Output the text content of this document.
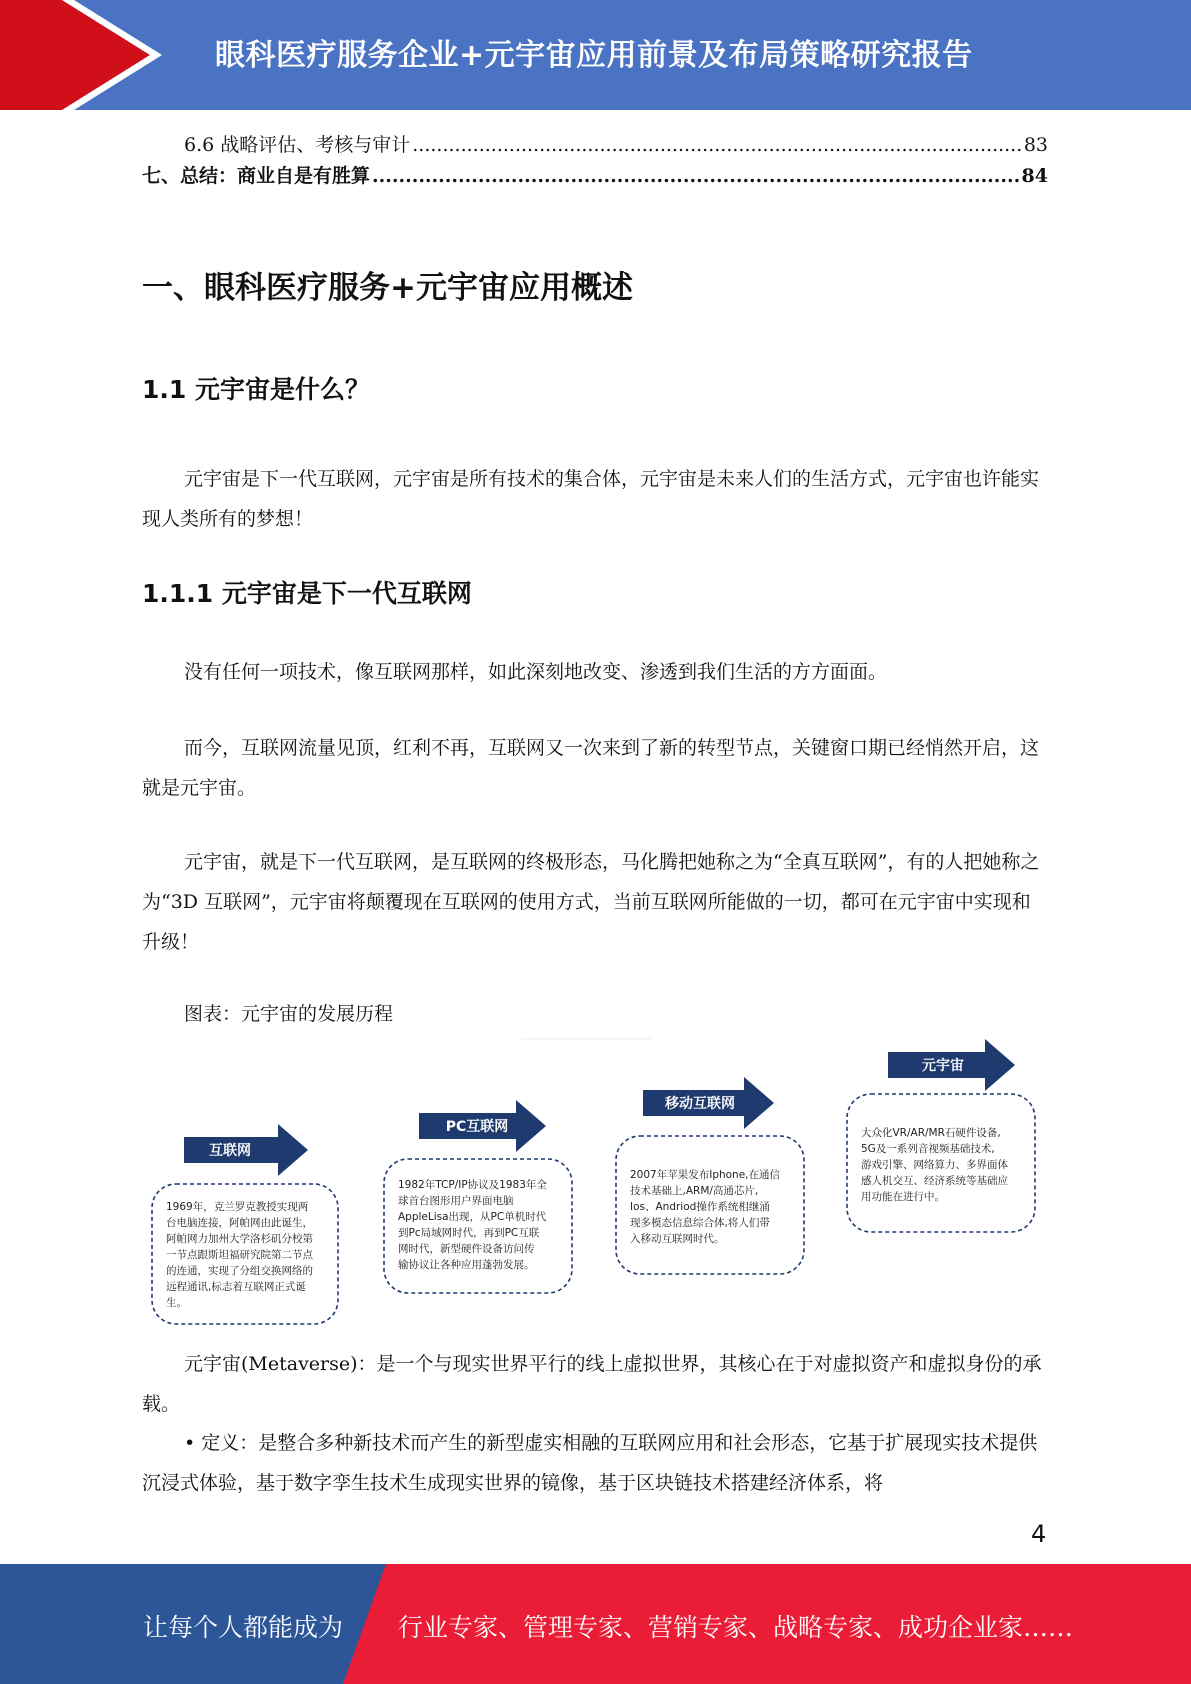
眼科医疗服务企业+元宇宙应用前景及布局策略研究报告
6.6 战略评估、考核与审计 .....	83
七、总结：商业自是有胜算 .....	84
一、眼科医疗服务+元宇宙应用概述
1.1 元宇宙是什么？

元宇宙是下一代互联网，元宇宙是所有技术的集合体，元宇宙是未来人们的生活方式，元宇宙也许能实现人类所有的梦想！

1.1.1 元宇宙是下一代互联网

没有任何一项技术，像互联网那样，如此深刻地改变、渗透到我们生活的方方面面。

而今，互联网流量见顶，红利不再，互联网又一次来到了新的转型节点，关键窗口期已经悄然开启，这就是元宇宙。

元宇宙，就是下一代互联网，是互联网的终极形态，马化腾把她称之为“全真互联网”，有的人把她称之为“3D 互联网”，元宇宙将颠覆现在互联网的使用方式，当前互联网所能做的一切，都可在元宇宙中实现和升级！

图表：元宇宙的发展历程
互联网
1969年，克兰罗克教授实现两
台电脑连接，阿帕网由此诞生，
阿帕网力加州大学洛杉矶分校第
一节点跟斯坦福研究院第二节点
的连通，实现了分组交换网络的
远程通讯,标志着互联网正式诞
生。
PC互联网
1982年TCP/IP协议及1983年全
球首台图形用户界面电脑
AppleLisa出现，从PC单机时代
到Pc局域网时代，再到PC互联
网时代，新型硬件设备访问传
输协议让各种应用蓬勃发展。
移动互联网
2007年苹果发布Iphone,在通信
技术基础上,ARM/高通芯片,
Ios、Andriod操作系统相继涌
现多模态信息综合体,将人们带
入移动互联网时代。
元宇宙
大众化VR/AR/MR石硬件设备,
5G及一系列音视频基础技术,
游戏引擎、网络算力、多界面体
感人机交互、经济系统等基础应
用功能在进行中。

元宇宙(Metaverse)：是一个与现实世界平行的线上虚拟世界，其核心在于对虚拟资产和虚拟身份的承载。

• 定义：是整合多种新技术而产生的新型虚实相融的互联网应用和社会形态，它基于扩展现实技术提供沉浸式体验，基于数字孪生技术生成现实世界的镜像，基于区块链技术搭建经济体系，将

4
让每个人都能成为 行业专家、管理专家、营销专家、战略专家、成功企业家……
